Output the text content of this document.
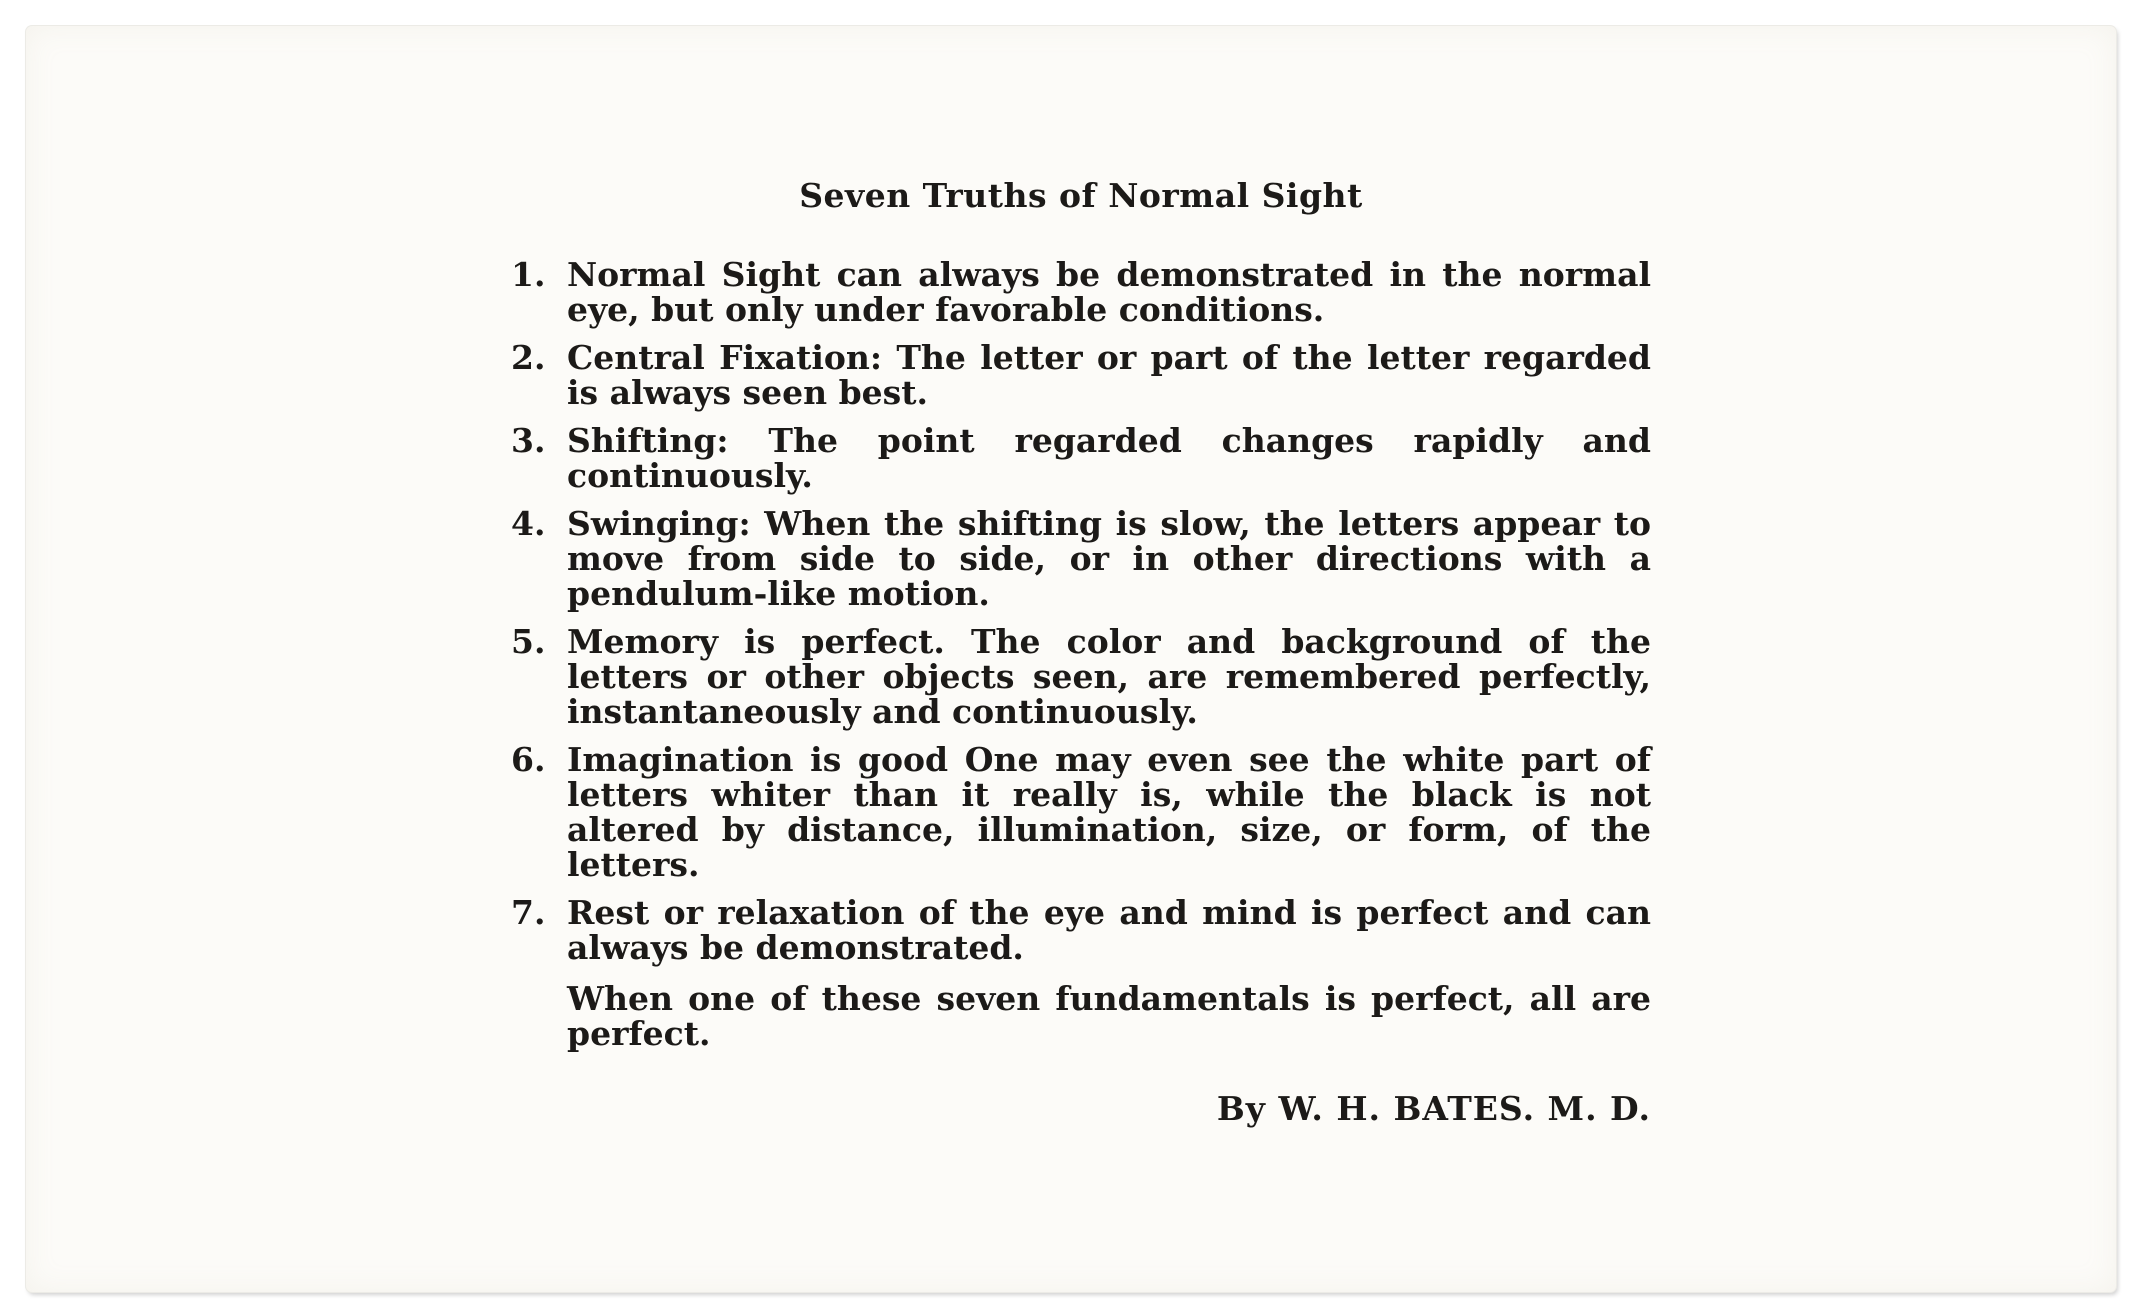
Seven Truths of Normal Sight
1. Normal Sight can always be demonstrated in the normal eye, but only under favorable conditions.
2. Central Fixation: The letter or part of the letter regarded is always seen best.
3. Shifting: The point regarded changes rapidly and continuously.
4. Swinging: When the shifting is slow, the letters appear to move from side to side, or in other directions with a pendulum-like motion.
5. Memory is perfect. The color and background of the letters or other objects seen, are remembered perfectly, instantaneously and continuously.
6. Imagination is good One may even see the white part of letters whiter than it really is, while the black is not altered by distance, illumination, size, or form, of the letters.
7. Rest or relaxation of the eye and mind is perfect and can always be demonstrated.
When one of these seven fundamentals is perfect, all are perfect.
By W. H. BATES. M. D.
